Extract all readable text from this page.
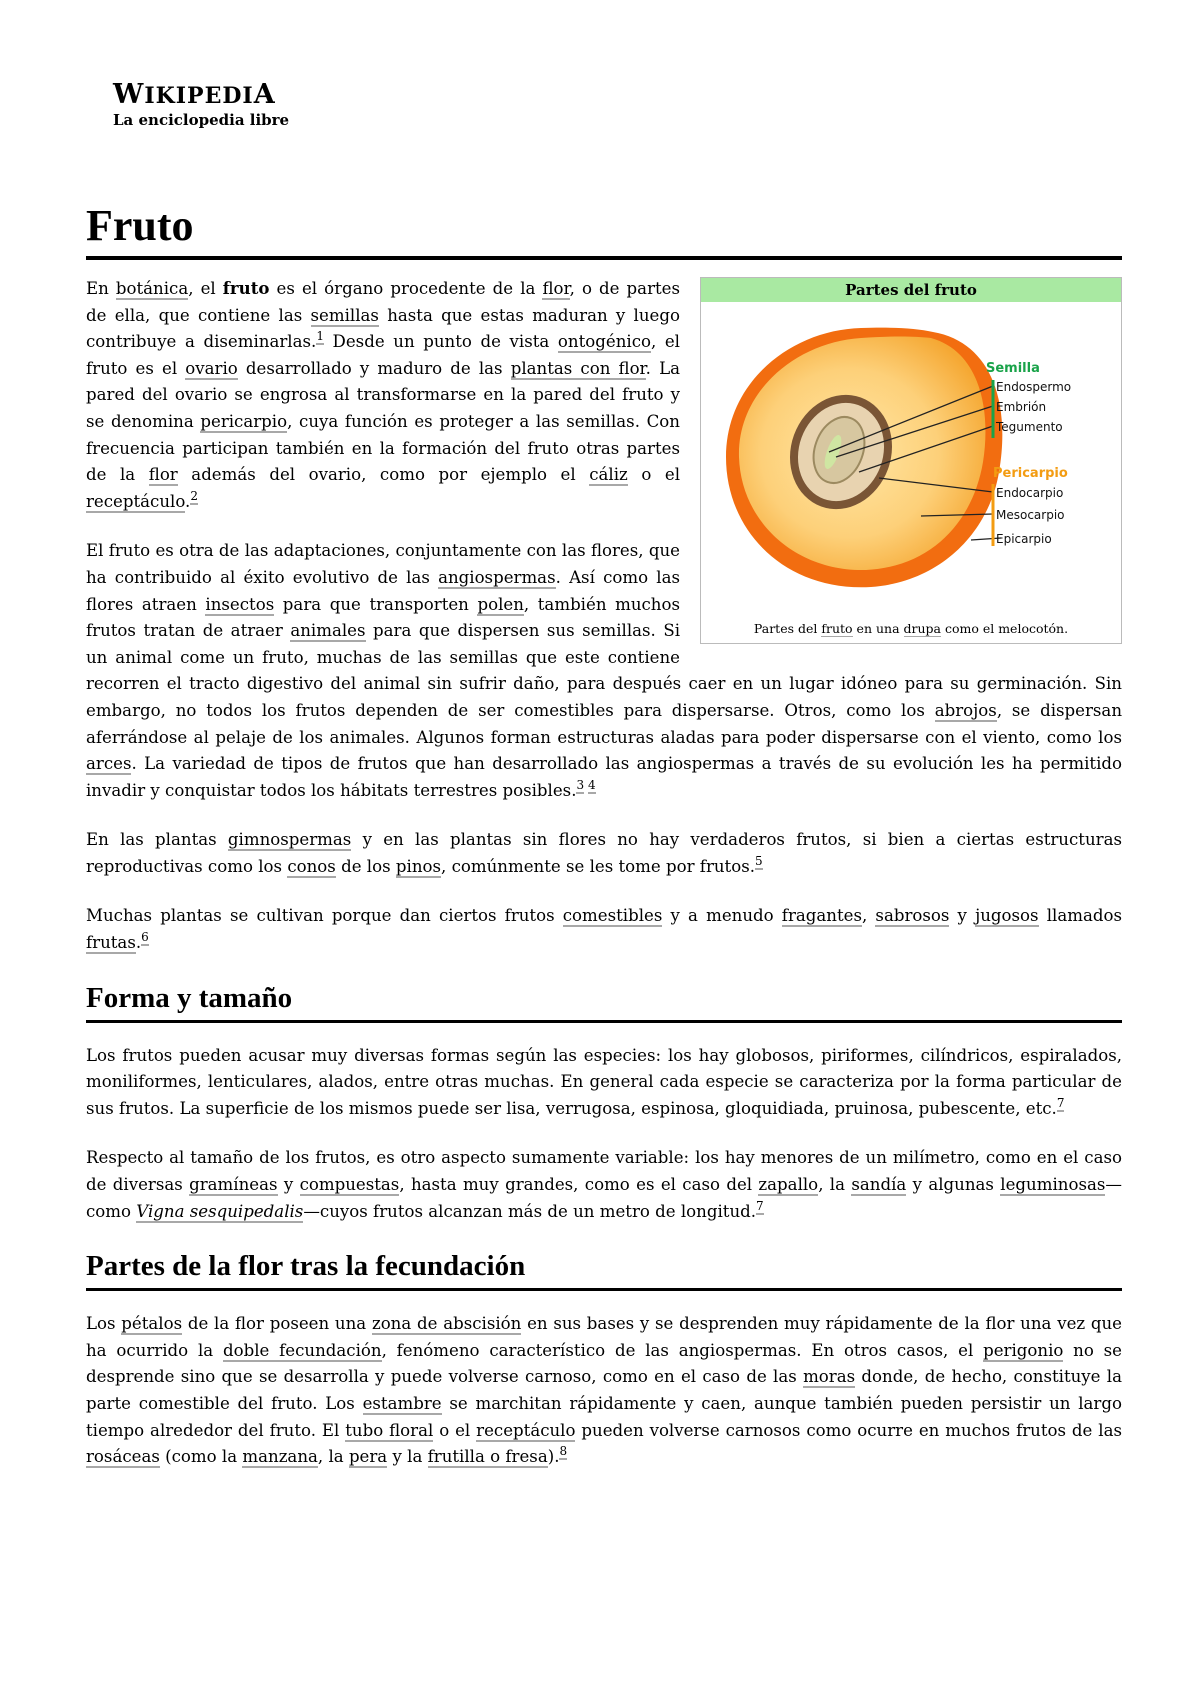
WIKIPEDIA
La enciclopedia libre
Fruto
Partes del fruto
Semilla
Endospermo
Embrión
Tegumento
Pericarpio
Endocarpio
Mesocarpio
Epicarpio
Partes del fruto en una drupa como el melocotón.

En botánica, el fruto es el órgano procedente de la flor, o de partes de ella, que contiene las semillas hasta que estas maduran y luego contribuye a diseminarlas.$^1$ Desde un punto de vista ontogénico, el fruto es el ovario desarrollado y maduro de las plantas con flor. La pared del ovario se engrosa al transformarse en la pared del fruto y se denomina pericarpio, cuya función es proteger a las semillas. Con frecuencia participan también en la formación del fruto otras partes de la flor además del ovario, como por ejemplo el cáliz o el receptáculo.$^2$

El fruto es otra de las adaptaciones, conjuntamente con las flores, que ha contribuido al éxito evolutivo de las angiospermas. Así como las flores atraen insectos para que transporten polen, también muchos frutos tratan de atraer animales para que dispersen sus semillas. Si un animal come un fruto, muchas de las semillas que este contiene recorren el tracto digestivo del animal sin sufrir daño, para después caer en un lugar idóneo para su germinación. Sin embargo, no todos los frutos dependen de ser comestibles para dispersarse. Otros, como los abrojos, se dispersan aferrándose al pelaje de los animales. Algunos forman estructuras aladas para poder dispersarse con el viento, como los arces. La variedad de tipos de frutos que han desarrollado las angiospermas a través de su evolución les ha permitido invadir y conquistar todos los hábitats terrestres posibles.$^{3 4}$

En las plantas gimnospermas y en las plantas sin flores no hay verdaderos frutos, si bien a ciertas estructuras reproductivas como los conos de los pinos, comúnmente se les tome por frutos.$^5$

Muchas plantas se cultivan porque dan ciertos frutos comestibles y a menudo fragantes, sabrosos y jugosos llamados frutas.$^6$

Forma y tamaño

Los frutos pueden acusar muy diversas formas según las especies: los hay globosos, piriformes, cilíndricos, espiralados, moniliformes, lenticulares, alados, entre otras muchas. En general cada especie se caracteriza por la forma particular de sus frutos. La superficie de los mismos puede ser lisa, verrugosa, espinosa, gloquidiada, pruinosa, pubescente, etc.$^7$

Respecto al tamaño de los frutos, es otro aspecto sumamente variable: los hay menores de un milímetro, como en el caso de diversas gramíneas y compuestas, hasta muy grandes, como es el caso del zapallo, la sandía y algunas leguminosas—como Vigna sesquipedalis—cuyos frutos alcanzan más de un metro de longitud.$^7$

Partes de la flor tras la fecundación

Los pétalos de la flor poseen una zona de abscisión en sus bases y se desprenden muy rápidamente de la flor una vez que ha ocurrido la doble fecundación, fenómeno característico de las angiospermas. En otros casos, el perigonio no se desprende sino que se desarrolla y puede volverse carnoso, como en el caso de las moras donde, de hecho, constituye la parte comestible del fruto. Los estambre se marchitan rápidamente y caen, aunque también pueden persistir un largo tiempo alrededor del fruto. El tubo floral o el receptáculo pueden volverse carnosos como ocurre en muchos frutos de las rosáceas (como la manzana, la pera y la frutilla o fresa).$^8$
